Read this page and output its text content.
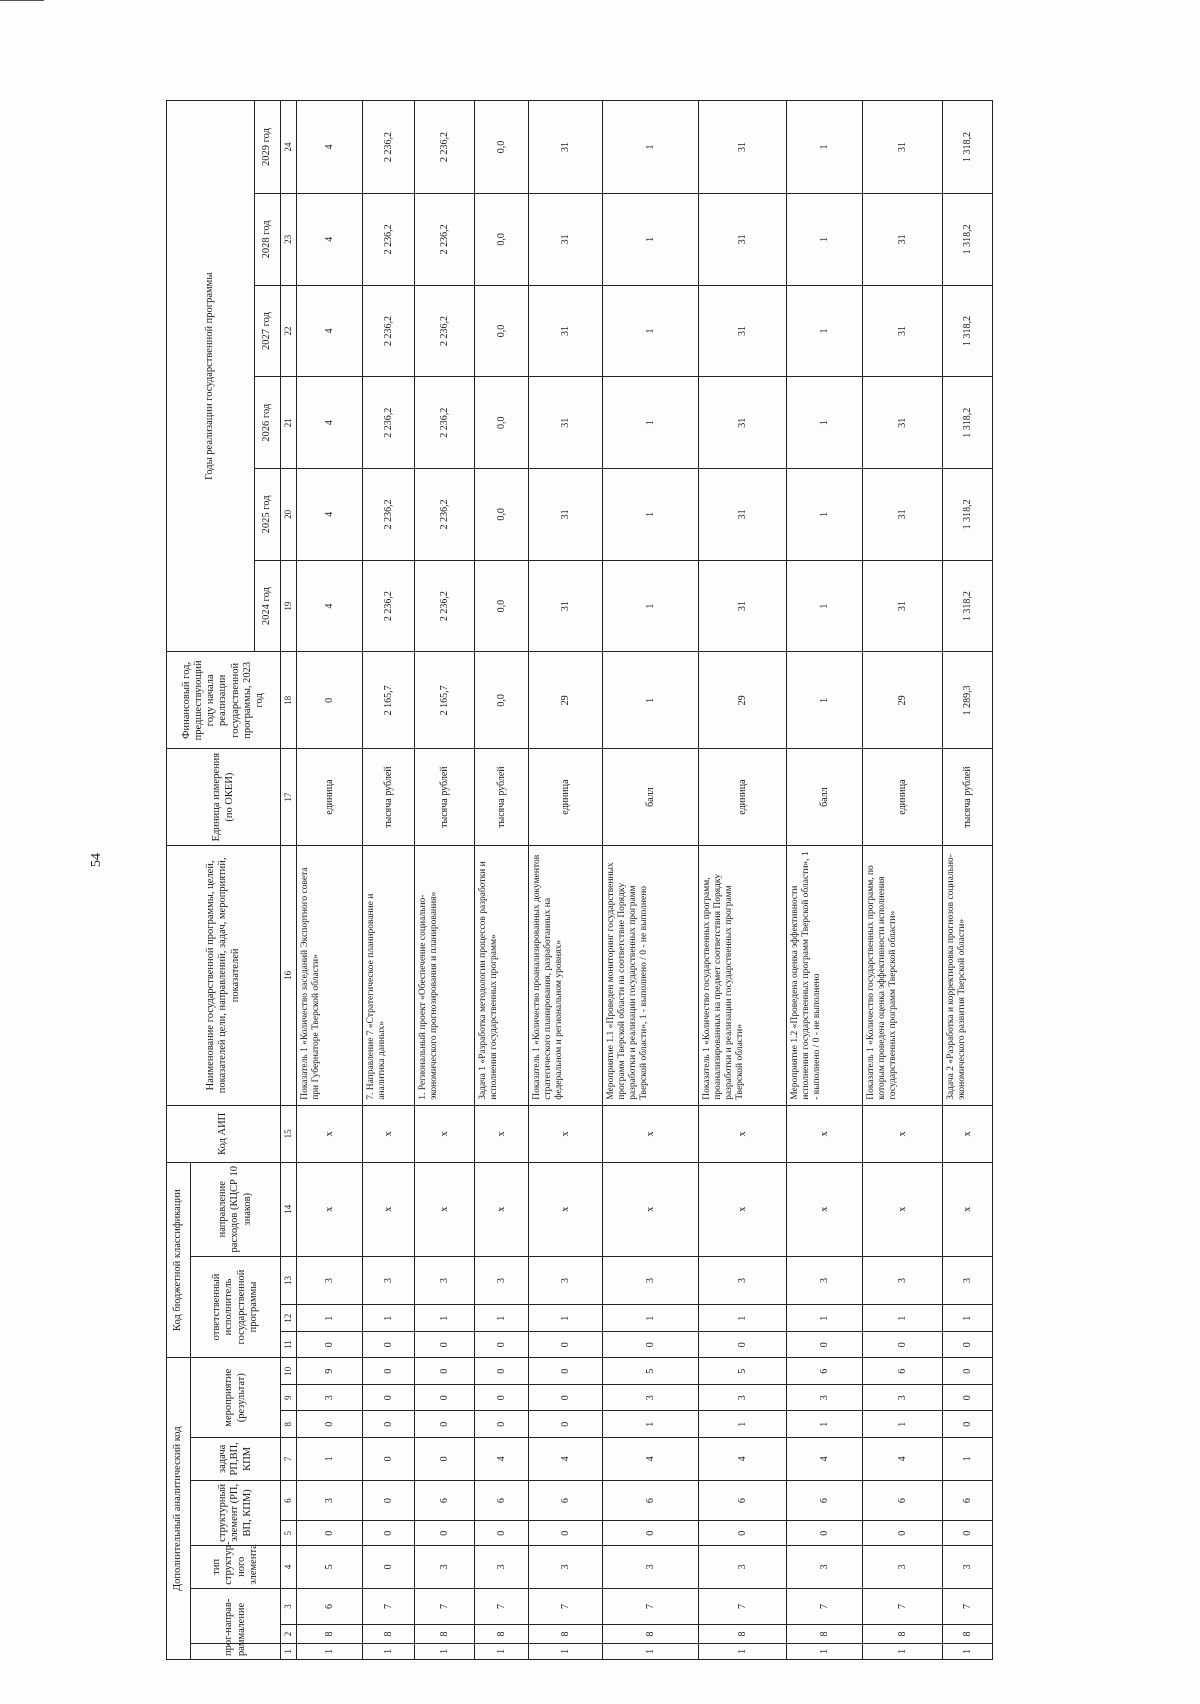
54
Дополнительный аналитический код										Код бюджетной классификации				Код АИП	Наименование государственной программы, целей, показателей цели, направлений, задач, мероприятий, показателей	Единица измерения (по ОКЕИ)	Финансовый год, предшествующий году начала реализации государственной программы, 2023 год	Годы реализации государственной программы					
прог-рамма	направ-ление		тип структур-ного элемента	структурный элемент (РП, ВП, КПМ)		задача РП,ВП, КПМ	мероприятие (результат)			ответственный исполнитель государственной программы			направление расходов (КЦСР 10 знаков)										
																		2024 год	2025 год	2026 год	2027 год	2028 год	2029 год
1	2	3	4	5	6	7	8	9	10	11	12	13	14	15	16	17	18	19	20	21	22	23	24
1	8	6	5	0	3	1	0	3	9	0	1	3	x	x	Показатель 1 «Количество заседаний Экспортного совета при Губернаторе Тверской области»	единица	0	4	4	4	4	4	4
1	8	7	0	0	0	0	0	0	0	0	1	3	x	x	7. Направление 7 «Стратегическое планирование и аналитика данных»	тысяча рублей	2 165,7	2 236,2	2 236,2	2 236,2	2 236,2	2 236,2	2 236,2
1	8	7	3	0	6	0	0	0	0	0	1	3	x	x	1. Региональный проект «Обеспечение социально-экономического прогнозирования и планирования»	тысяча рублей	2 165,7	2 236,2	2 236,2	2 236,2	2 236,2	2 236,2	2 236,2
1	8	7	3	0	6	4	0	0	0	0	1	3	x	x	Задача 1 «Разработка методологии процессов разработки и исполнения государственных программ»	тысяча рублей	0,0	0,0	0,0	0,0	0,0	0,0	0,0
1	8	7	3	0	6	4	0	0	0	0	1	3	x	x	Показатель 1 «Количество проанализированных документов стратегического планирования, разработанных на федеральном и региональном уровнях»	единица	29	31	31	31	31	31	31
1	8	7	3	0	6	4	1	3	5	0	1	3	x	x	Мероприятие 1.1 «Проведен мониторинг государственных программ Тверской области на соответствие Порядку разработки и реализации государственных программ Тверской области», 1 - выполнено / 0 - не выполнено	балл	1	1	1	1	1	1	1
1	8	7	3	0	6	4	1	3	5	0	1	3	x	x	Показатель 1 «Количество государственных программ, проанализированных на предмет соответствия Порядку разработки и реализации государственных программ Тверской области»	единица	29	31	31	31	31	31	31
1	8	7	3	0	6	4	1	3	6	0	1	3	x	x	Мероприятие 1.2 «Проведена оценка эффективности исполнения государственных программ Тверской области», 1 - выполнено / 0 - не выполнено	балл	1	1	1	1	1	1	1
1	8	7	3	0	6	4	1	3	6	0	1	3	x	x	Показатель 1 «Количество государственных программ, по которым проведена оценка эффективности исполнения государственных программ Тверской области»	единица	29	31	31	31	31	31	31
1	8	7	3	0	6	1	0	0	0	0	1	3	x	x	Задача 2 «Разработка и корректировка прогнозов социально-экономического развития Тверской области»	тысяча рублей	1 289,3	1 318,2	1 318,2	1 318,2	1 318,2	1 318,2	1 318,2
